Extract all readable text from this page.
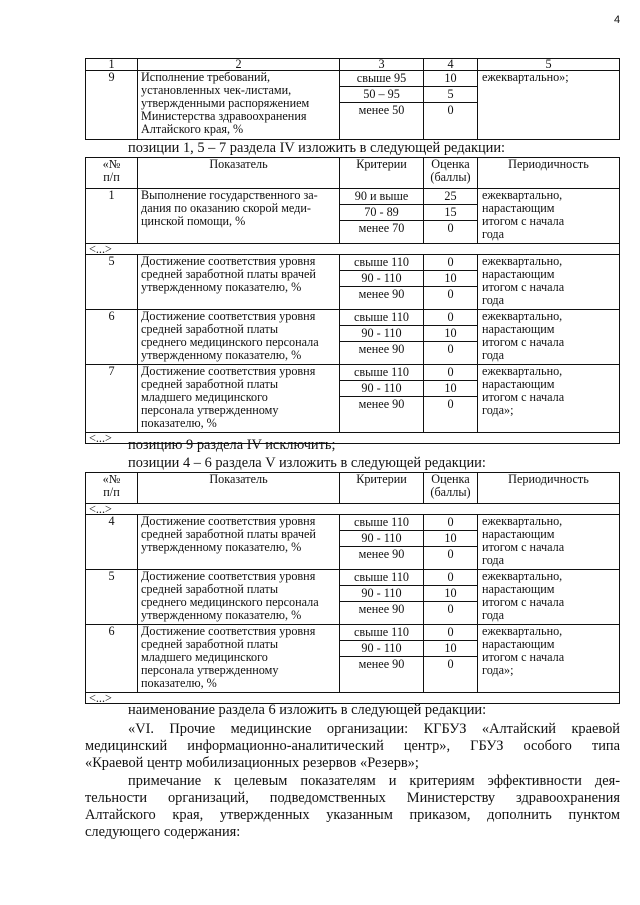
4
1	2	3	4	5
9	Исполнение требований,
установленных чек-листами,
утвержденными распоряжением
Министерства здравоохранения
Алтайского края, %	свыше 95	10	ежеквартально»;
		50 – 95	5	
		менее 50	0	
позиции 1, 5 – 7 раздела IV изложить в следующей редакции:
«№
п/п	Показатель	Критерии	Оценка
(баллы)	Периодичность
1	Выполнение государственного за-
дания по оказанию скорой меди-
цинской помощи, %	90 и выше	25	ежеквартально,
нарастающим
итогом с начала
года

		70 - 89	15	
		менее 70	0	
<...>				
5	Достижение соответствия уровня
средней заработной платы врачей
утвержденному показателю, %	свыше 110	0	ежеквартально,
нарастающим
итогом с начала
года

		90 - 110	10	
		менее 90	0	
6	Достижение соответствия уровня
средней заработной платы
среднего медицинского персонала
утвержденному показателю, %	свыше 110	0	ежеквартально,
нарастающим
итогом с начала
года

		90 - 110	10	
		менее 90	0	
7	Достижение соответствия уровня
средней заработной платы
младшего медицинского
персонала утвержденному
показателю, %	свыше 110	0	ежеквартально,
нарастающим
итогом с начала
года»;

		90 - 110	10	
		менее 90	0	
<...>				позицию 9 раздела IV исключить;
позиции 4 – 6 раздела V изложить в следующей редакции:
«№
п/п	Показатель	Критерии	Оценка
(баллы)	Периодичность
<...>				
4	Достижение соответствия уровня
средней заработной платы врачей
утвержденному показателю, %	свыше 110	0	ежеквартально,
нарастающим
итогом с начала
года

		90 - 110	10	
		менее 90	0	
5	Достижение соответствия уровня
средней заработной платы
среднего медицинского персонала
утвержденному показателю, %	свыше 110	0	ежеквартально,
нарастающим
итогом с начала
года

		90 - 110	10	
		менее 90	0	
6	Достижение соответствия уровня
средней заработной платы
младшего медицинского
персонала утвержденному
показателю, %	свыше 110	0	ежеквартально,
нарастающим
итогом с начала
года»;

		90 - 110	10	
		менее 90	0	
<...>				
наименование раздела 6 изложить в следующей редакции:
«VI. Прочие медицинские организации: КГБУЗ «Алтайский краевой
медицинский информационно-аналитический центр», ГБУЗ особого типа
«Краевой центр мобилизационных резервов «Резерв»;
примечание к целевым показателям и критериям эффективности дея-
тельности организаций, подведомственных Министерству здравоохранения
Алтайского края, утвержденных указанным приказом, дополнить пунктом
следующего содержания:
